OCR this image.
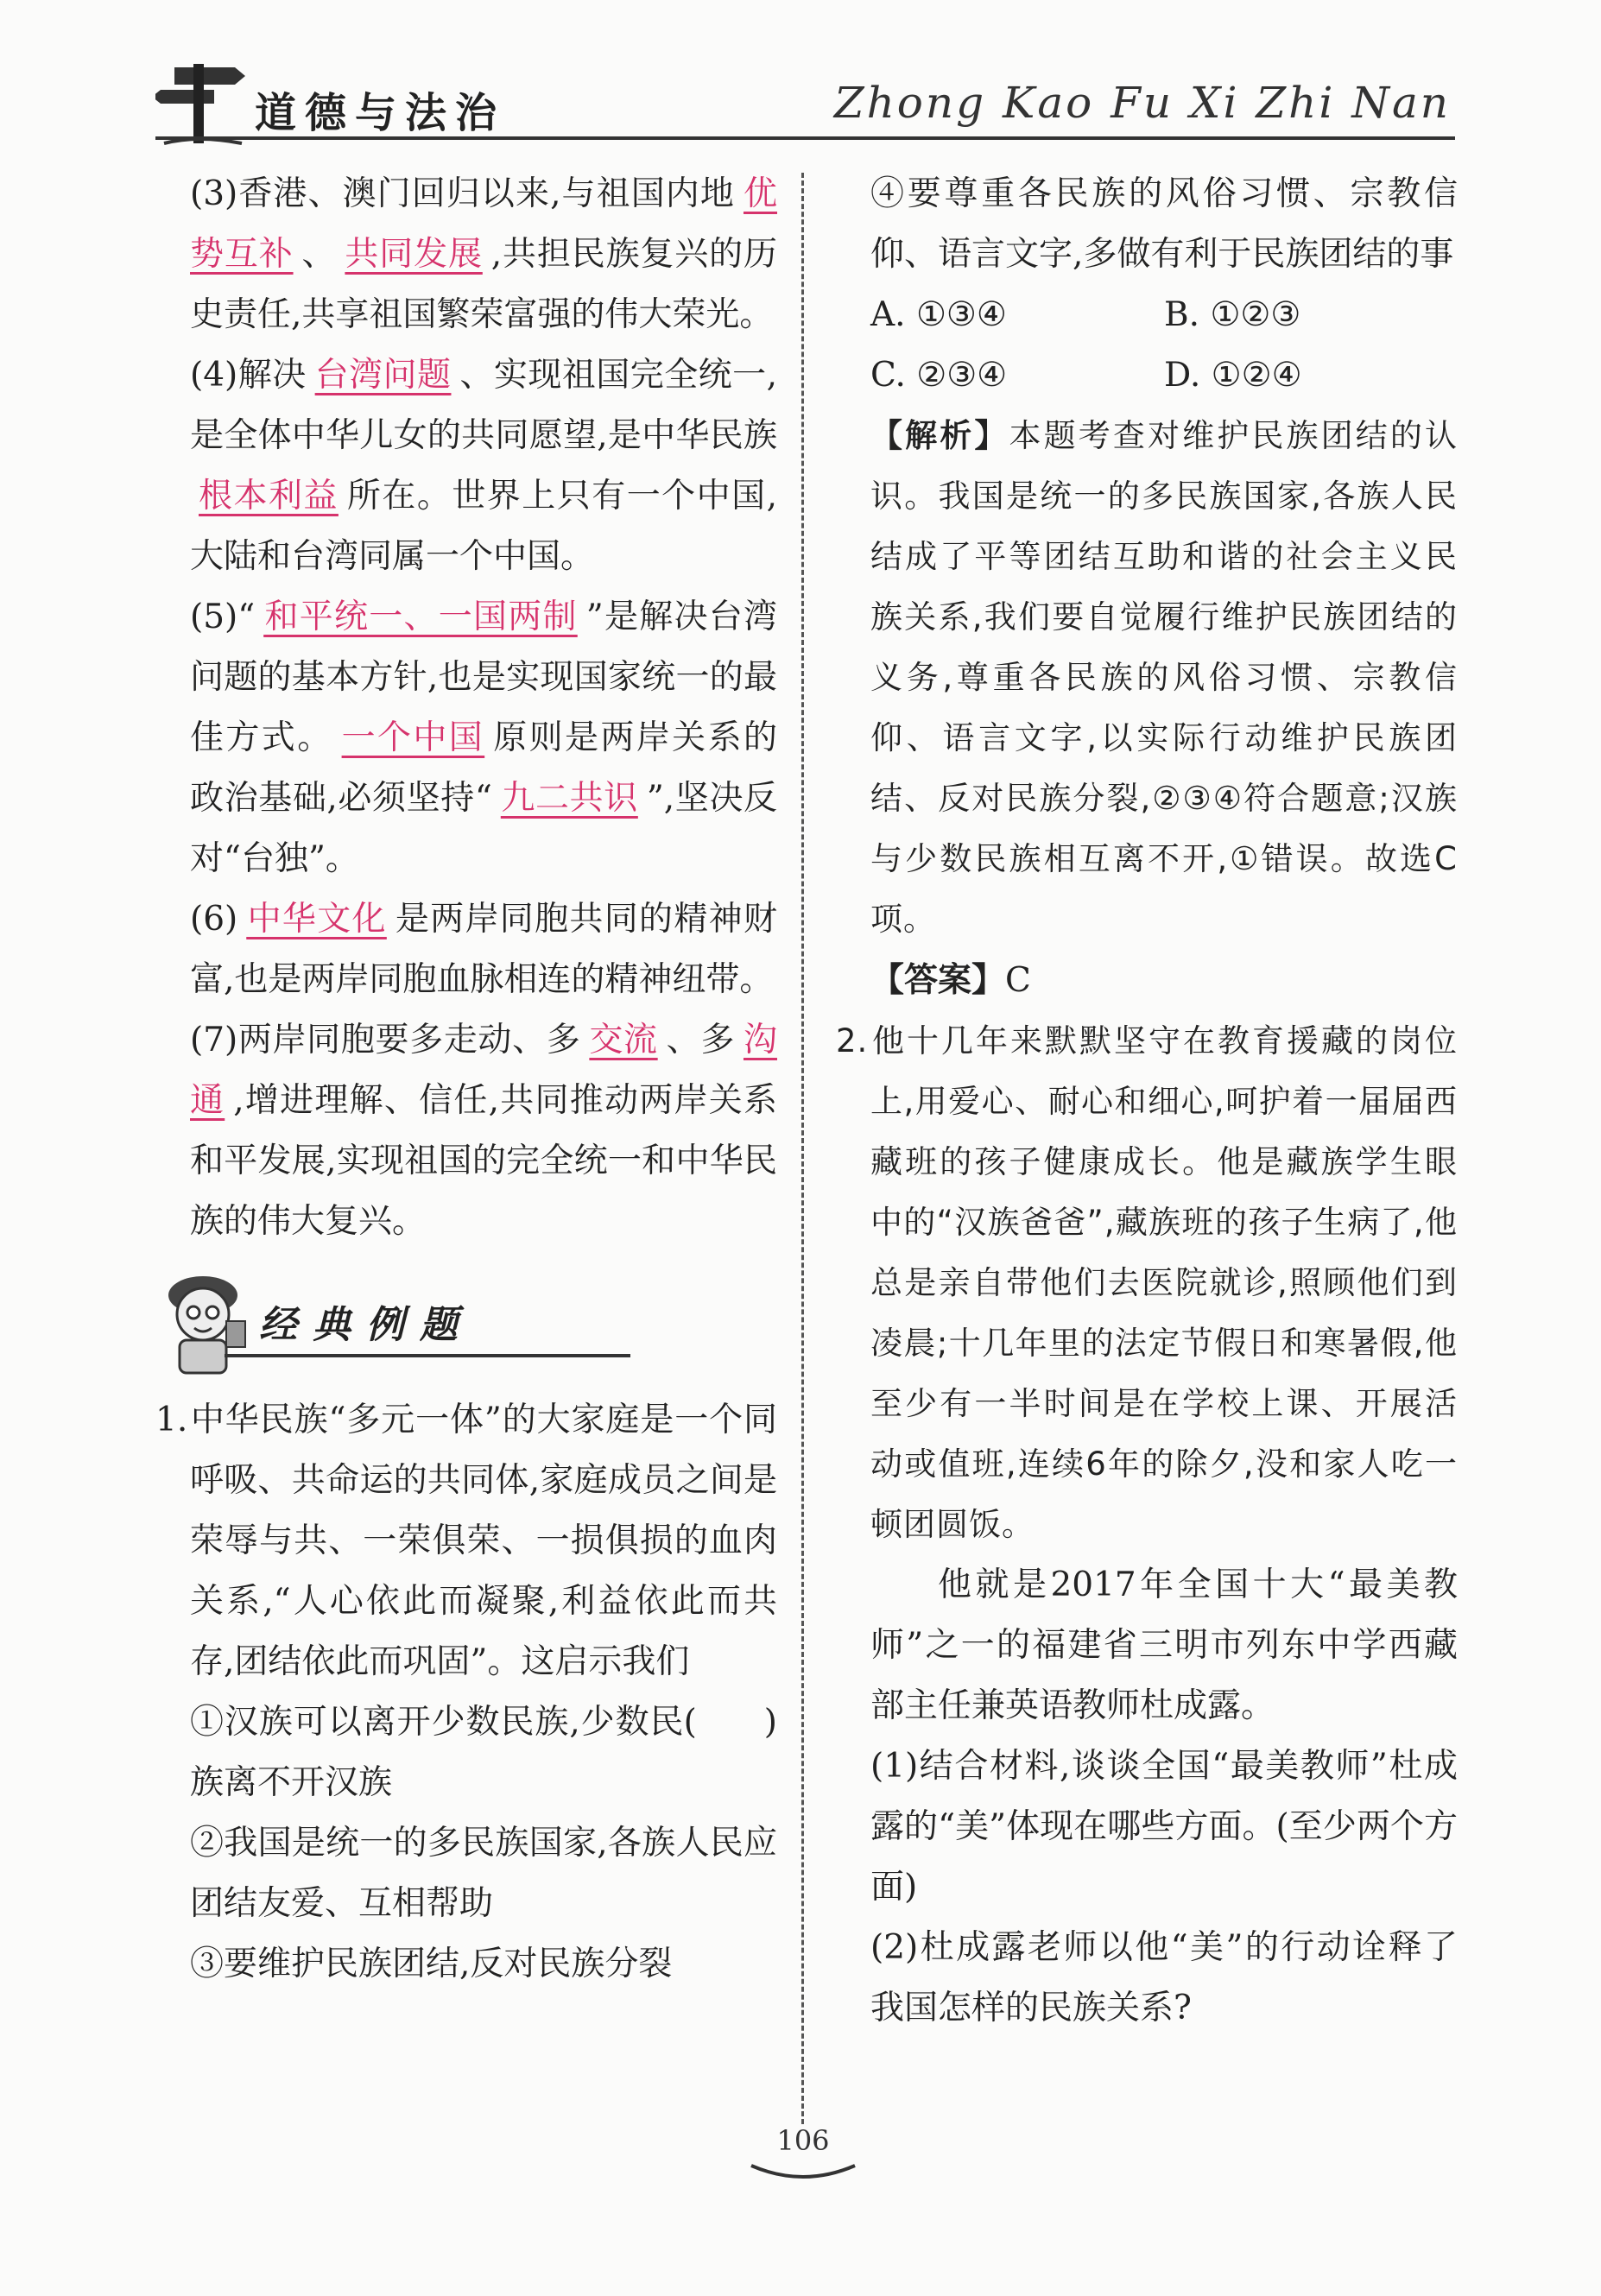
道德与法治	Zhong Kao Fu Xi Zhi Nan

(3)香港、澳门回归以来,与祖国内地 优势互补 、 共同发展 ,共担民族复兴的历史责任,共享祖国繁荣富强的伟大荣光。

(4)解决 台湾问题 、实现祖国完全统一,是全体中华儿女的共同愿望,是中华民族根本利益 所在。世界上只有一个中国,大陆和台湾同属一个中国。

(5)“ 和平统一、一国两制 ”是解决台湾问题的基本方针,也是实现国家统一的最佳方式。 一个中国 原则是两岸关系的政治基础,必须坚持“ 九二共识 ”,坚决反对“台独”。

(6) 中华文化 是两岸同胞共同的精神财富,也是两岸同胞血脉相连的精神纽带。

(7)两岸同胞要多走动、多 交流 、多 沟通 ,增进理解、信任,共同推动两岸关系和平发展,实现祖国的完全统一和中华民族的伟大复兴。

经典例题

1.中华民族“多元一体”的大家庭是一个同呼吸、共命运的共同体,家庭成员之间是荣辱与共、一荣俱荣、一损俱损的血肉关系,“人心依此而凝聚,利益依此而共存,团结依此而巩固”。这启示我们
(　　)

①汉族可以离开少数民族,少数民族离不开汉族

②我国是统一的多民族国家,各族人民应团结友爱、互相帮助

③要维护民族团结,反对民族分裂

④要尊重各民族的风俗习惯、宗教信仰、语言文字,多做有利于民族团结的事

A. ①③④	B. ①②③
C. ②③④	D. ①②④

【解析】本题考查对维护民族团结的认识。我国是统一的多民族国家,各族人民结成了平等团结互助和谐的社会主义民族关系,我们要自觉履行维护民族团结的义务,尊重各民族的风俗习惯、宗教信仰、语言文字,以实际行动维护民族团结、反对民族分裂,②③④符合题意;汉族与少数民族相互离不开,①错误。故选C项。

【答案】C

2.他十几年来默默坚守在教育援藏的岗位上,用爱心、耐心和细心,呵护着一届届西藏班的孩子健康成长。他是藏族学生眼中的“汉族爸爸”,藏族班的孩子生病了,他总是亲自带他们去医院就诊,照顾他们到凌晨;十几年里的法定节假日和寒暑假,他至少有一半时间是在学校上课、开展活动或值班,连续6年的除夕,没和家人吃一顿团圆饭。

他就是2017年全国十大“最美教师”之一的福建省三明市列东中学西藏部主任兼英语教师杜成露。

(1)结合材料,谈谈全国“最美教师”杜成露的“美”体现在哪些方面。(至少两个方面)

(2)杜成露老师以他“美”的行动诠释了我国怎样的民族关系?

106
